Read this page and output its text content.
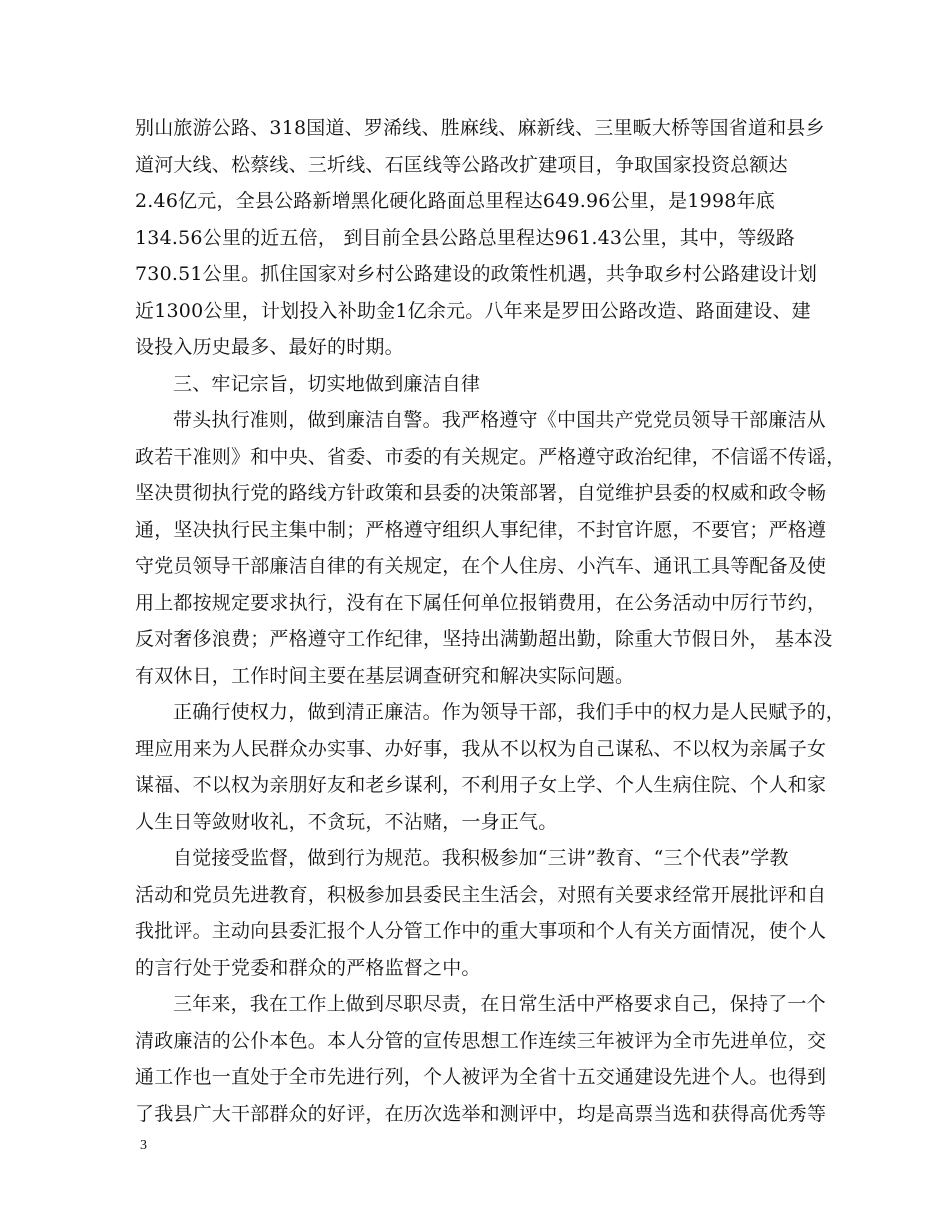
别山旅游公路、318国道、罗浠线、胜麻线、麻新线、三里畈大桥等国省道和县乡
道河大线、松蔡线、三圻线、石匡线等公路改扩建项目，争取国家投资总额达
2.46亿元，全县公路新增黑化硬化路面总里程达649.96公里，是1998年底
134.56公里的近五倍， 到目前全县公路总里程达961.43公里，其中，等级路
730.51公里。抓住国家对乡村公路建设的政策性机遇，共争取乡村公路建设计划
近1300公里，计划投入补助金1亿余元。八年来是罗田公路改造、路面建设、建
设投入历史最多、最好的时期。
三、牢记宗旨，切实地做到廉洁自律
带头执行准则，做到廉洁自警。我严格遵守《中国共产党党员领导干部廉洁从
政若干准则》和中央、省委、市委的有关规定。严格遵守政治纪律，不信谣不传谣，
坚决贯彻执行党的路线方针政策和县委的决策部署，自觉维护县委的权威和政令畅
通，坚决执行民主集中制；严格遵守组织人事纪律，不封官许愿，不要官；严格遵
守党员领导干部廉洁自律的有关规定，在个人住房、小汽车、通讯工具等配备及使
用上都按规定要求执行，没有在下属任何单位报销费用，在公务活动中厉行节约，
反对奢侈浪费；严格遵守工作纪律，坚持出满勤超出勤，除重大节假日外， 基本没
有双休日，工作时间主要在基层调查研究和解决实际问题。
正确行使权力，做到清正廉洁。作为领导干部，我们手中的权力是人民赋予的，
理应用来为人民群众办实事、办好事，我从不以权为自己谋私、不以权为亲属子女
谋福、不以权为亲朋好友和老乡谋利，不利用子女上学、个人生病住院、个人和家
人生日等敛财收礼，不贪玩，不沾赌，一身正气。
自觉接受监督，做到行为规范。我积极参加“三讲”教育、“三个代表”学教
活动和党员先进教育，积极参加县委民主生活会，对照有关要求经常开展批评和自
我批评。主动向县委汇报个人分管工作中的重大事项和个人有关方面情况，使个人
的言行处于党委和群众的严格监督之中。
三年来，我在工作上做到尽职尽责，在日常生活中严格要求自己，保持了一个
清政廉洁的公仆本色。本人分管的宣传思想工作连续三年被评为全市先进单位，交
通工作也一直处于全市先进行列，个人被评为全省十五交通建设先进个人。也得到
了我县广大干部群众的好评，在历次选举和测评中，均是高票当选和获得高优秀等
3
